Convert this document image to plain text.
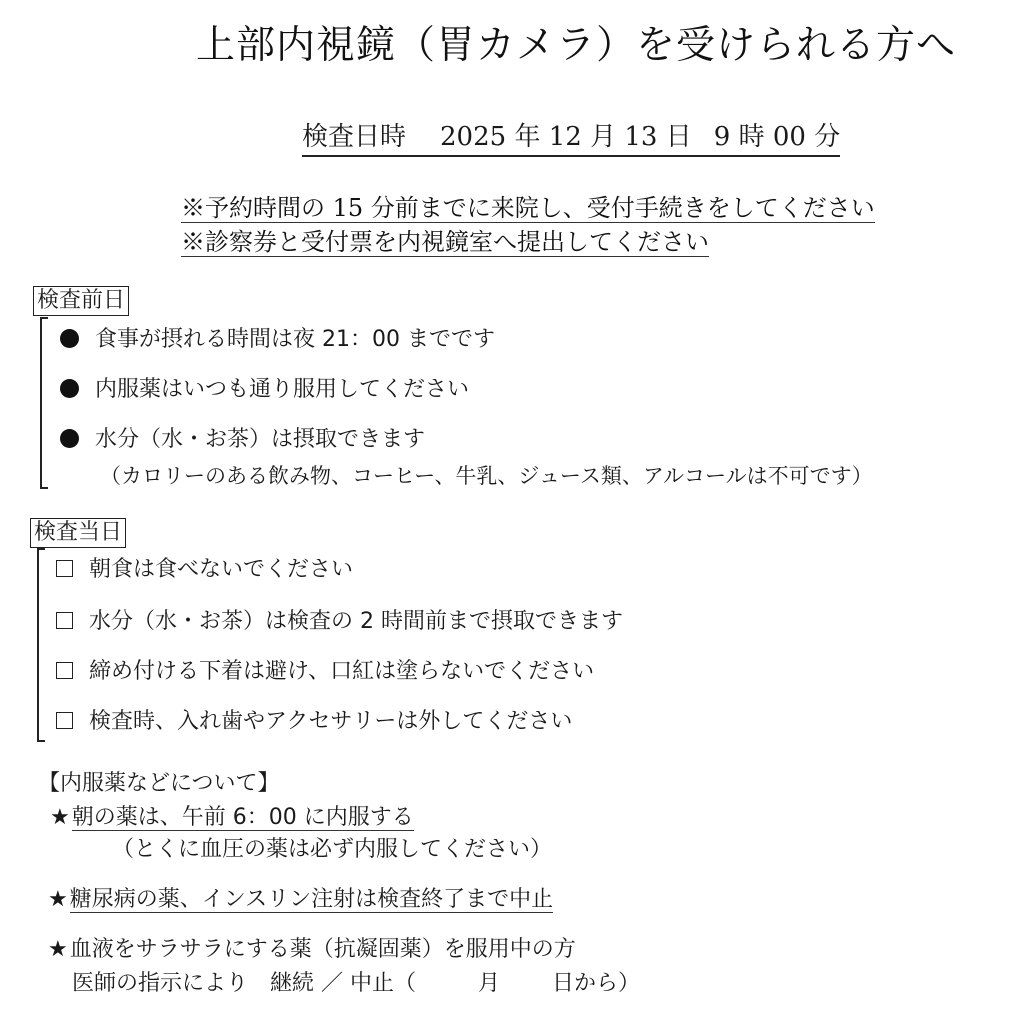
上部内視鏡（胃カメラ）を受けられる方へ
検査日時 2025 年 12 月 13 日 9 時 00 分
※予約時間の 15 分前までに来院し、受付手続きをしてください
※診察券と受付票を内視鏡室へ提出してください
検査前日
食事が摂れる時間は夜 21：00 までです
内服薬はいつも通り服用してください
水分（水・お茶）は摂取できます
（カロリーのある飲み物、コーヒー、牛乳、ジュース類、アルコールは不可です）
検査当日
朝食は食べないでください
水分（水・お茶）は検査の 2 時間前まで摂取できます
締め付ける下着は避け、口紅は塗らないでください
検査時、入れ歯やアクセサリーは外してください
【内服薬などについて】
★朝の薬は、午前 6：00 に内服する
（とくに血圧の薬は必ず内服してください）
★糖尿病の薬、インスリン注射は検査終了まで中止
★血液をサラサラにする薬（抗凝固薬）を服用中の方
医師の指示により　継続 ／ 中止（	月 日から）
